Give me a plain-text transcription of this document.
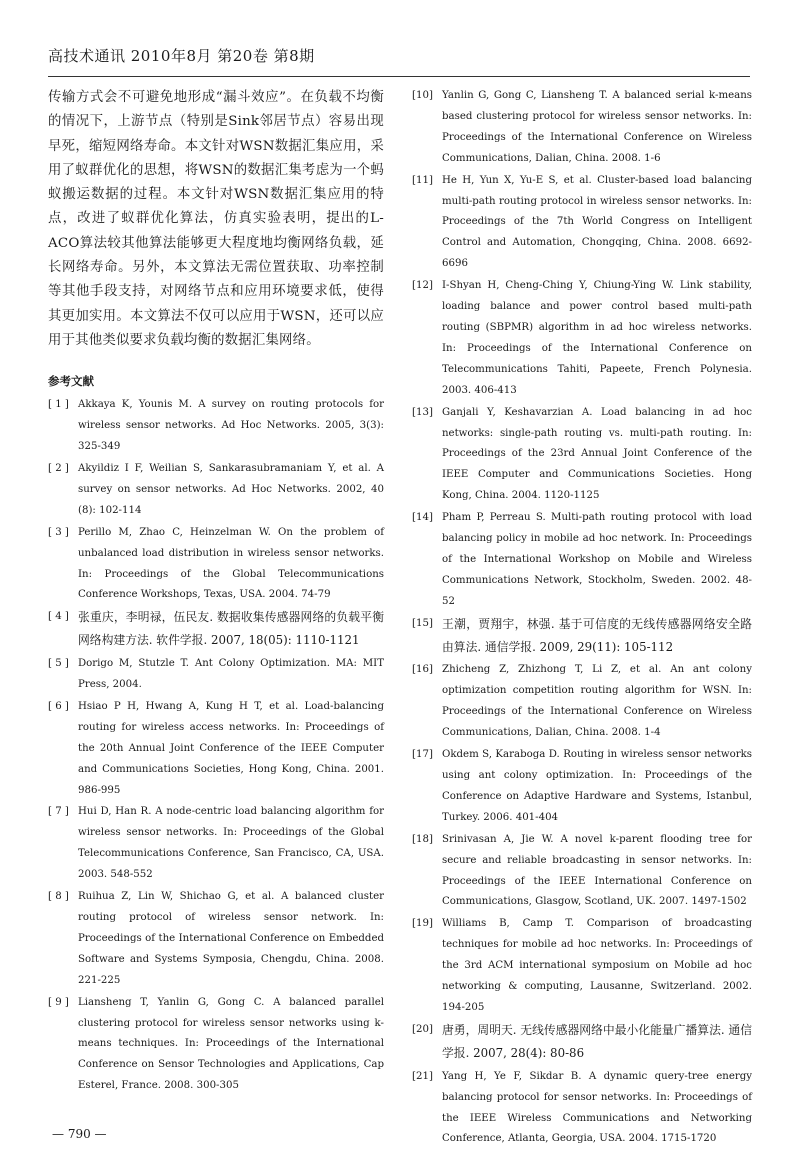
高技术通讯 2010年8月 第20卷 第8期

传输方式会不可避免地形成“漏斗效应”。在负载不均衡的情况下，上游节点（特别是Sink邻居节点）容易出现早死，缩短网络寿命。本文针对WSN数据汇集应用，采用了蚁群优化的思想，将WSN的数据汇集考虑为一个蚂蚁搬运数据的过程。本文针对WSN数据汇集应用的特点，改进了蚁群优化算法，仿真实验表明，提出的L-ACO算法较其他算法能够更大程度地均衡网络负载，延长网络寿命。另外，本文算法无需位置获取、功率控制等其他手段支持，对网络节点和应用环境要求低，使得其更加实用。本文算法不仅可以应用于WSN，还可以应用于其他类似要求负载均衡的数据汇集网络。

参考文献
[ 1 ] Akkaya K, Younis M. A survey on routing protocols for wireless sensor networks. Ad Hoc Networks. 2005, 3(3): 325-349
[ 2 ] Akyildiz I F, Weilian S, Sankarasubramaniam Y, et al. A survey on sensor networks. Ad Hoc Networks. 2002, 40 (8): 102-114
[ 3 ] Perillo M, Zhao C, Heinzelman W. On the problem of unbalanced load distribution in wireless sensor networks. In: Proceedings of the Global Telecommunications Conference Workshops, Texas, USA. 2004. 74-79
[ 4 ] 张重庆，李明禄，伍民友. 数据收集传感器网络的负载平衡网络构建方法. 软件学报. 2007, 18(05): 1110-1121
[ 5 ] Dorigo M, Stutzle T. Ant Colony Optimization. MA: MIT Press, 2004.
[ 6 ] Hsiao P H, Hwang A, Kung H T, et al. Load-balancing routing for wireless access networks. In: Proceedings of the 20th Annual Joint Conference of the IEEE Computer and Communications Societies, Hong Kong, China. 2001. 986-995
[ 7 ] Hui D, Han R. A node-centric load balancing algorithm for wireless sensor networks. In: Proceedings of the Global Telecommunications Conference, San Francisco, CA, USA. 2003. 548-552
[ 8 ] Ruihua Z, Lin W, Shichao G, et al. A balanced cluster routing protocol of wireless sensor network. In: Proceedings of the International Conference on Embedded Software and Systems Symposia, Chengdu, China. 2008. 221-225
[ 9 ] Liansheng T, Yanlin G, Gong C. A balanced parallel clustering protocol for wireless sensor networks using k-means techniques. In: Proceedings of the International Conference on Sensor Technologies and Applications, Cap Esterel, France. 2008. 300-305
[10] Yanlin G, Gong C, Liansheng T. A balanced serial k-means based clustering protocol for wireless sensor networks. In: Proceedings of the International Conference on Wireless Communications, Dalian, China. 2008. 1-6
[11] He H, Yun X, Yu-E S, et al. Cluster-based load balancing multi-path routing protocol in wireless sensor networks. In: Proceedings of the 7th World Congress on Intelligent Control and Automation, Chongqing, China. 2008. 6692-6696
[12] I-Shyan H, Cheng-Ching Y, Chiung-Ying W. Link stability, loading balance and power control based multi-path routing (SBPMR) algorithm in ad hoc wireless networks. In: Proceedings of the International Conference on Telecommunications Tahiti, Papeete, French Polynesia. 2003. 406-413
[13] Ganjali Y, Keshavarzian A. Load balancing in ad hoc networks: single-path routing vs. multi-path routing. In: Proceedings of the 23rd Annual Joint Conference of the IEEE Computer and Communications Societies. Hong Kong, China. 2004. 1120-1125
[14] Pham P, Perreau S. Multi-path routing protocol with load balancing policy in mobile ad hoc network. In: Proceedings of the International Workshop on Mobile and Wireless Communications Network, Stockholm, Sweden. 2002. 48-52
[15] 王潮，贾翔宇，林强. 基于可信度的无线传感器网络安全路由算法. 通信学报. 2009, 29(11): 105-112
[16] Zhicheng Z, Zhizhong T, Li Z, et al. An ant colony optimization competition routing algorithm for WSN. In: Proceedings of the International Conference on Wireless Communications, Dalian, China. 2008. 1-4
[17] Okdem S, Karaboga D. Routing in wireless sensor networks using ant colony optimization. In: Proceedings of the Conference on Adaptive Hardware and Systems, Istanbul, Turkey. 2006. 401-404
[18] Srinivasan A, Jie W. A novel k-parent flooding tree for secure and reliable broadcasting in sensor networks. In: Proceedings of the IEEE International Conference on Communications, Glasgow, Scotland, UK. 2007. 1497-1502
[19] Williams B, Camp T. Comparison of broadcasting techniques for mobile ad hoc networks. In: Proceedings of the 3rd ACM international symposium on Mobile ad hoc networking & computing, Lausanne, Switzerland. 2002. 194-205
[20] 唐勇，周明天. 无线传感器网络中最小化能量广播算法. 通信学报. 2007, 28(4): 80-86
[21] Yang H, Ye F, Sikdar B. A dynamic query-tree energy balancing protocol for sensor networks. In: Proceedings of the IEEE Wireless Communications and Networking Conference, Atlanta, Georgia, USA. 2004. 1715-1720
— 790 —
